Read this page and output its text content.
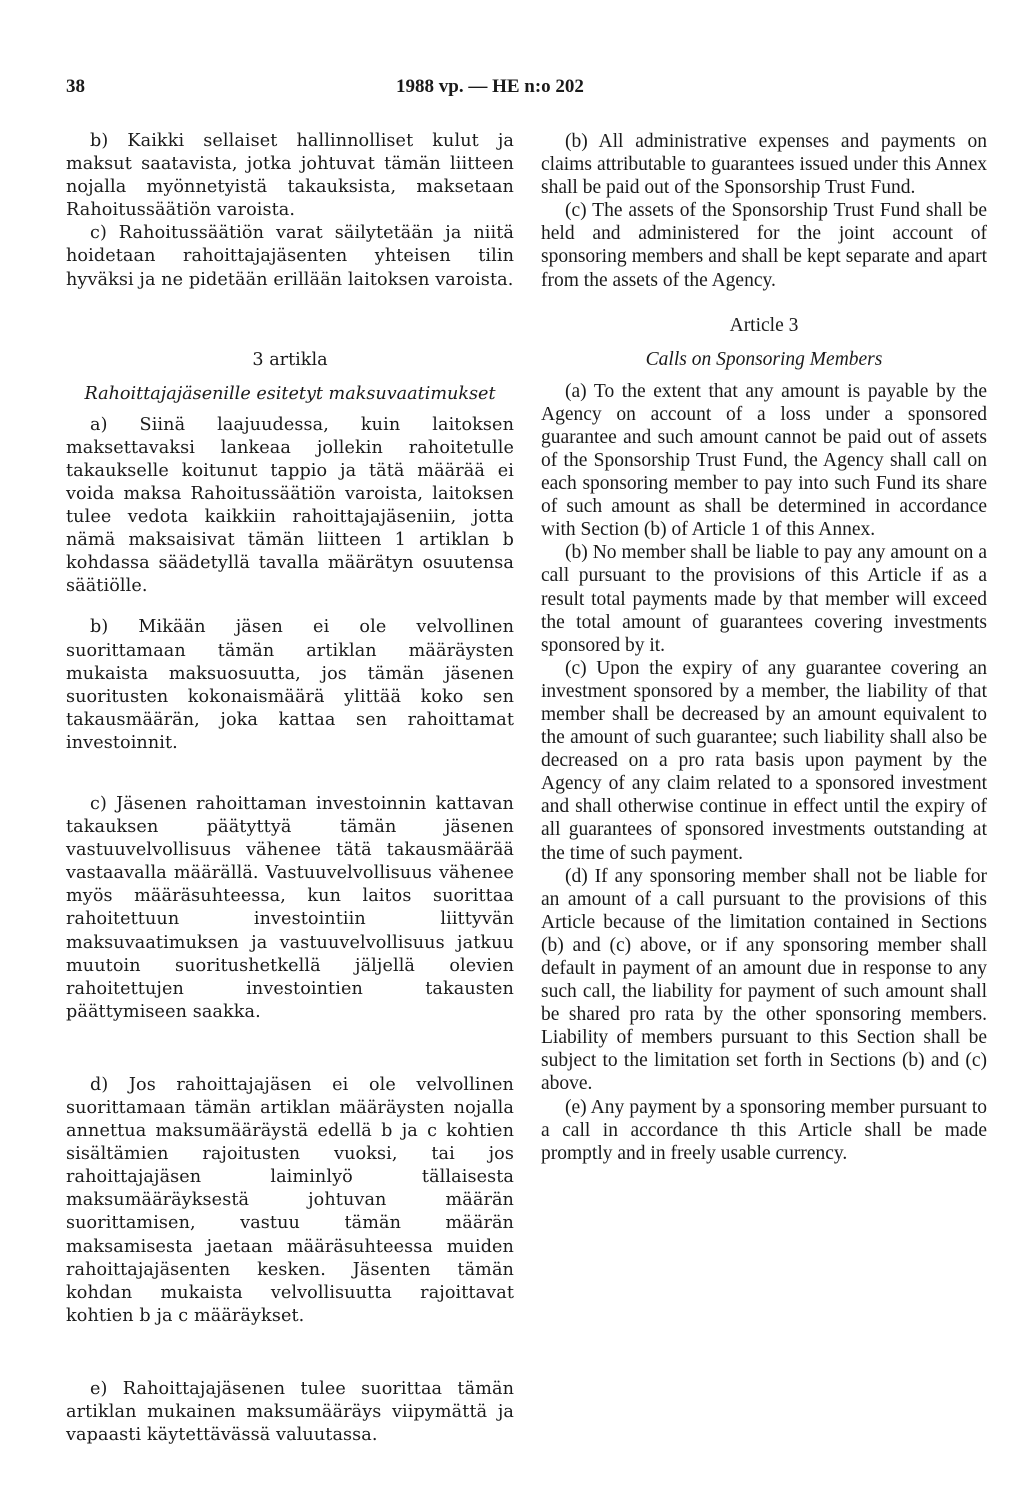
38	1988 vp. — HE n:o 202

b) Kaikki sellaiset hallinnolliset kulut ja maksut saatavista, jotka johtuvat tämän liitteen nojalla myönnetyistä takauksista, maksetaan Rahoitussäätiön varoista.

c) Rahoitussäätiön varat säilytetään ja niitä hoidetaan rahoittajajäsenten yhteisen tilin hyväksi ja ne pidetään erillään laitoksen varoista.

3 artikla

Rahoittajajäsenille esitetyt maksuvaatimukset

a) Siinä laajuudessa, kuin laitoksen maksettavaksi lankeaa jollekin rahoitetulle takaukselle koitunut tappio ja tätä määrää ei voida maksa Rahoitussäätiön varoista, laitoksen tulee vedota kaikkiin rahoittajajäseniin, jotta nämä maksaisivat tämän liitteen 1 artiklan b kohdassa säädetyllä tavalla määrätyn osuutensa säätiölle.

b) Mikään jäsen ei ole velvollinen suorittamaan tämän artiklan määräysten mukaista maksuosuutta, jos tämän jäsenen suoritusten kokonaismäärä ylittää koko sen takausmäärän, joka kattaa sen rahoittamat investoinnit.

c) Jäsenen rahoittaman investoinnin kattavan takauksen päätyttyä tämän jäsenen vastuuvelvollisuus vähenee tätä takausmäärää vastaavalla määrällä. Vastuuvelvollisuus vähenee myös määräsuhteessa, kun laitos suorittaa rahoitettuun investointiin liittyvän maksuvaatimuksen ja vastuuvelvollisuus jatkuu muutoin suoritushetkellä jäljellä olevien rahoitettujen investointien takausten päättymiseen saakka.

d) Jos rahoittajajäsen ei ole velvollinen suorittamaan tämän artiklan määräysten nojalla annettua maksumääräystä edellä b ja c kohtien sisältämien rajoitusten vuoksi, tai jos rahoittajajäsen laiminlyö tällaisesta maksumääräyksestä johtuvan määrän suorittamisen, vastuu tämän määrän maksamisesta jaetaan määräsuhteessa muiden rahoittajajäsenten kesken. Jäsenten tämän kohdan mukaista velvollisuutta rajoittavat kohtien b ja c määräykset.

e) Rahoittajajäsenen tulee suorittaa tämän artiklan mukainen maksumääräys viipymättä ja vapaasti käytettävässä valuutassa.

(b) All administrative expenses and payments on claims attributable to guarantees issued under this Annex shall be paid out of the Sponsorship Trust Fund.

(c) The assets of the Sponsorship Trust Fund shall be held and administered for the joint account of sponsoring members and shall be kept separate and apart from the assets of the Agency.

Article 3

Calls on Sponsoring Members

(a) To the extent that any amount is payable by the Agency on account of a loss under a sponsored guarantee and such amount cannot be paid out of assets of the Sponsorship Trust Fund, the Agency shall call on each sponsoring member to pay into such Fund its share of such amount as shall be determined in accordance with Section (b) of Article 1 of this Annex.

(b) No member shall be liable to pay any amount on a call pursuant to the provisions of this Article if as a result total payments made by that member will exceed the total amount of guarantees covering investments sponsored by it.

(c) Upon the expiry of any guarantee covering an investment sponsored by a member, the liability of that member shall be decreased by an amount equivalent to the amount of such guarantee; such liability shall also be decreased on a pro rata basis upon payment by the Agency of any claim related to a sponsored investment and shall otherwise continue in effect until the expiry of all guarantees of sponsored investments outstanding at the time of such payment.

(d) If any sponsoring member shall not be liable for an amount of a call pursuant to the provisions of this Article because of the limitation contained in Sections (b) and (c) above, or if any sponsoring member shall default in payment of an amount due in response to any such call, the liability for payment of such amount shall be shared pro rata by the other sponsoring members. Liability of members pursuant to this Section shall be subject to the limitation set forth in Sections (b) and (c) above.

(e) Any payment by a sponsoring member pursuant to a call in accordance th this Article shall be made promptly and in freely usable currency.
